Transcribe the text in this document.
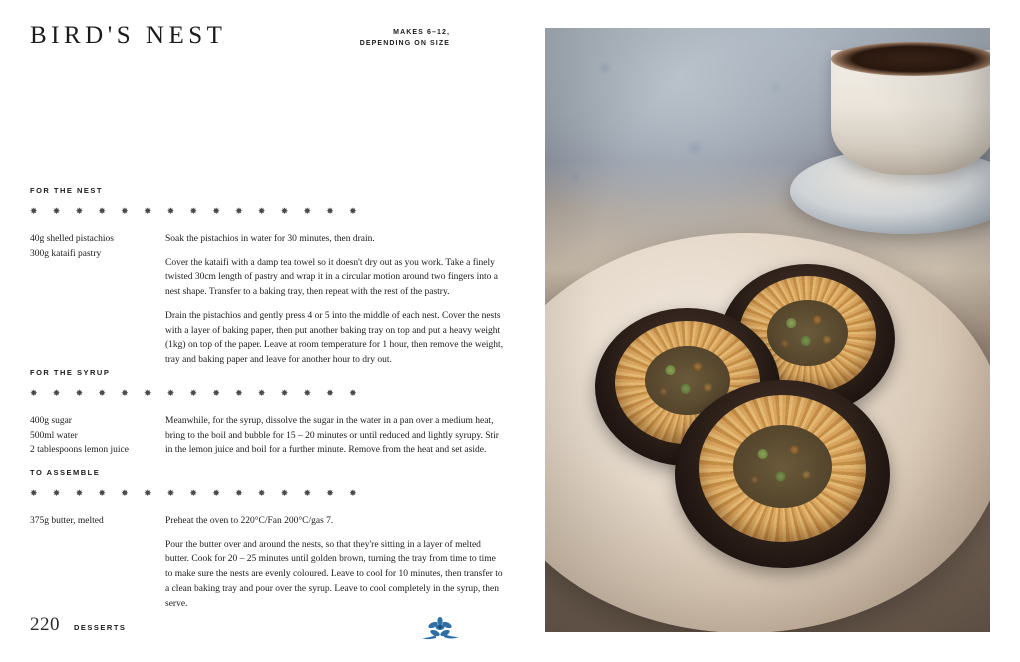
BIRD'S NEST	MAKES 6–12,
DEPENDING ON SIZE
FOR THE NEST
✸ ✸ ✸ ✸ ✸ ✸ ✸ ✸ ✸ ✸ ✸ ✸ ✸ ✸ ✸
40g shelled pistachios
300g kataifi pastry

Soak the pistachios in water for 30 minutes, then drain.

Cover the kataifi with a damp tea towel so it doesn't dry out as you work. Take a finely twisted 30cm length of pastry and wrap it in a circular motion around two fingers into a nest shape. Transfer to a baking tray, then repeat with the rest of the pastry.

Drain the pistachios and gently press 4 or 5 into the middle of each nest. Cover the nests with a layer of baking paper, then put another baking tray on top and put a heavy weight (1kg) on top of the paper. Leave at room temperature for 1 hour, then remove the weight, tray and baking paper and leave for another hour to dry out.

FOR THE SYRUP
✸ ✸ ✸ ✸ ✸ ✸ ✸ ✸ ✸ ✸ ✸ ✸ ✸ ✸ ✸
400g sugar
500ml water
2 tablespoons lemon juice

Meanwhile, for the syrup, dissolve the sugar in the water in a pan over a medium heat, bring to the boil and bubble for 15 – 20 minutes or until reduced and lightly syrupy. Stir in the lemon juice and boil for a further minute. Remove from the heat and set aside.

TO ASSEMBLE
✸ ✸ ✸ ✸ ✸ ✸ ✸ ✸ ✸ ✸ ✸ ✸ ✸ ✸ ✸
375g butter, melted	Preheat the oven to 220°C/Fan 200°C/gas 7.

Pour the butter over and around the nests, so that they're sitting in a layer of melted butter. Cook for 20 – 25 minutes until golden brown, turning the tray from time to time to make sure the nests are evenly coloured. Leave to cool for 10 minutes, then transfer to a clean baking tray and pour over the syrup. Leave to cool completely in the syrup, then serve.

220 DESSERTS
